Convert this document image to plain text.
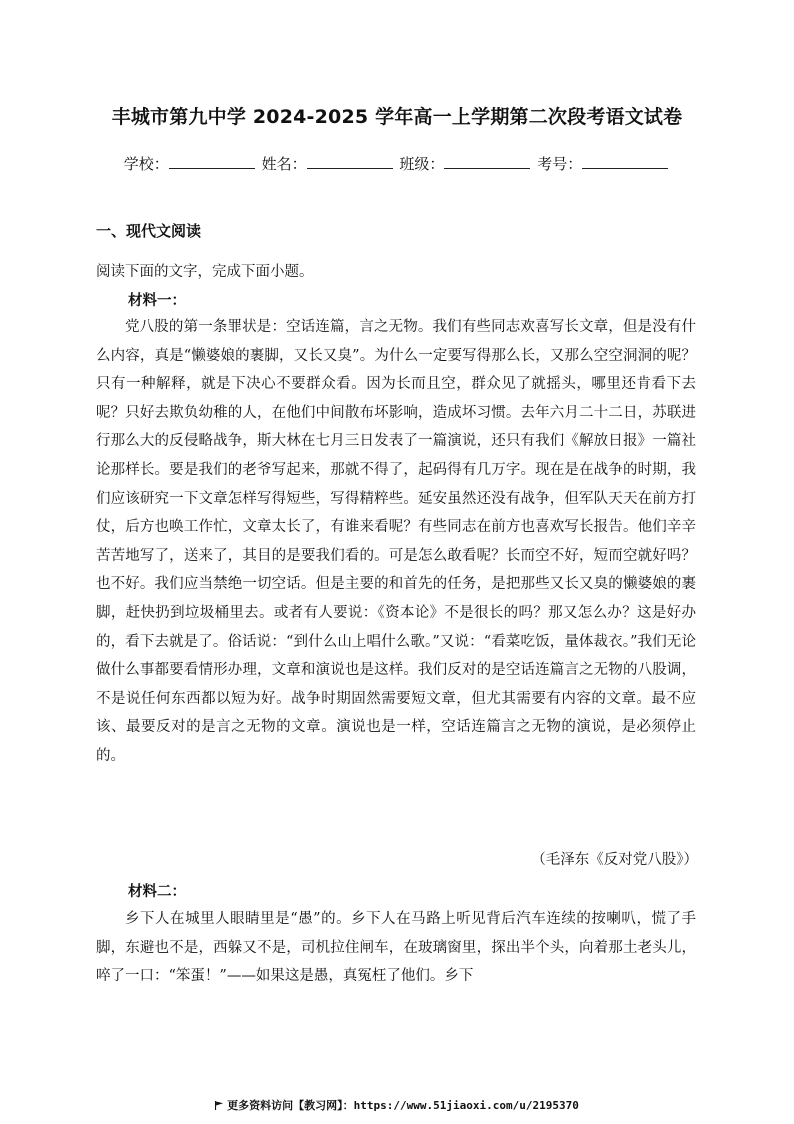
丰城市第九中学 2024-2025 学年高一上学期第二次段考语文试卷
学校：	姓名：	班级：	考号：
一、现代文阅读
阅读下面的文字，完成下面小题。
材料一：

党八股的第一条罪状是：空话连篇，言之无物。我们有些同志欢喜写长文章，但是没有什么内容，真是“懒婆娘的裹脚，又长又臭”。为什么一定要写得那么长，又那么空空洞洞的呢？只有一种解释，就是下决心不要群众看。因为长而且空，群众见了就摇头，哪里还肯看下去呢？只好去欺负幼稚的人，在他们中间散布坏影响，造成坏习惯。去年六月二十二日，苏联进行那么大的反侵略战争，斯大林在七月三日发表了一篇演说，还只有我们《解放日报》一篇社论那样长。要是我们的老爷写起来，那就不得了，起码得有几万字。现在是在战争的时期，我们应该研究一下文章怎样写得短些，写得精粹些。延安虽然还没有战争，但军队天天在前方打仗，后方也唤工作忙，文章太长了，有谁来看呢？有些同志在前方也喜欢写长报告。他们辛辛苦苦地写了，送来了，其目的是要我们看的。可是怎么敢看呢？长而空不好，短而空就好吗？也不好。我们应当禁绝一切空话。但是主要的和首先的任务，是把那些又长又臭的懒婆娘的裹脚，赶快扔到垃圾桶里去。或者有人要说：《资本论》不是很长的吗？那又怎么办？这是好办的，看下去就是了。俗话说：“到什么山上唱什么歌。”又说：“看菜吃饭，量体裁衣。”我们无论做什么事都要看情形办理，文章和演说也是这样。我们反对的是空话连篇言之无物的八股调，不是说任何东西都以短为好。战争时期固然需要短文章，但尤其需要有内容的文章。最不应该、最要反对的是言之无物的文章。演说也是一样，空话连篇言之无物的演说，是必须停止的。

（毛泽东《反对党八股》）
材料二：

乡下人在城里人眼睛里是“愚”的。乡下人在马路上听见背后汽车连续的按喇叭，慌了手脚，东避也不是，西躲又不是，司机拉住闸车，在玻璃窗里，探出半个头，向着那土老头儿，啐了一口：“笨蛋！”——如果这是愚，真冤枉了他们。乡下

更多资料访问【教习网】：https://www.51jiaoxi.com/u/2195370
